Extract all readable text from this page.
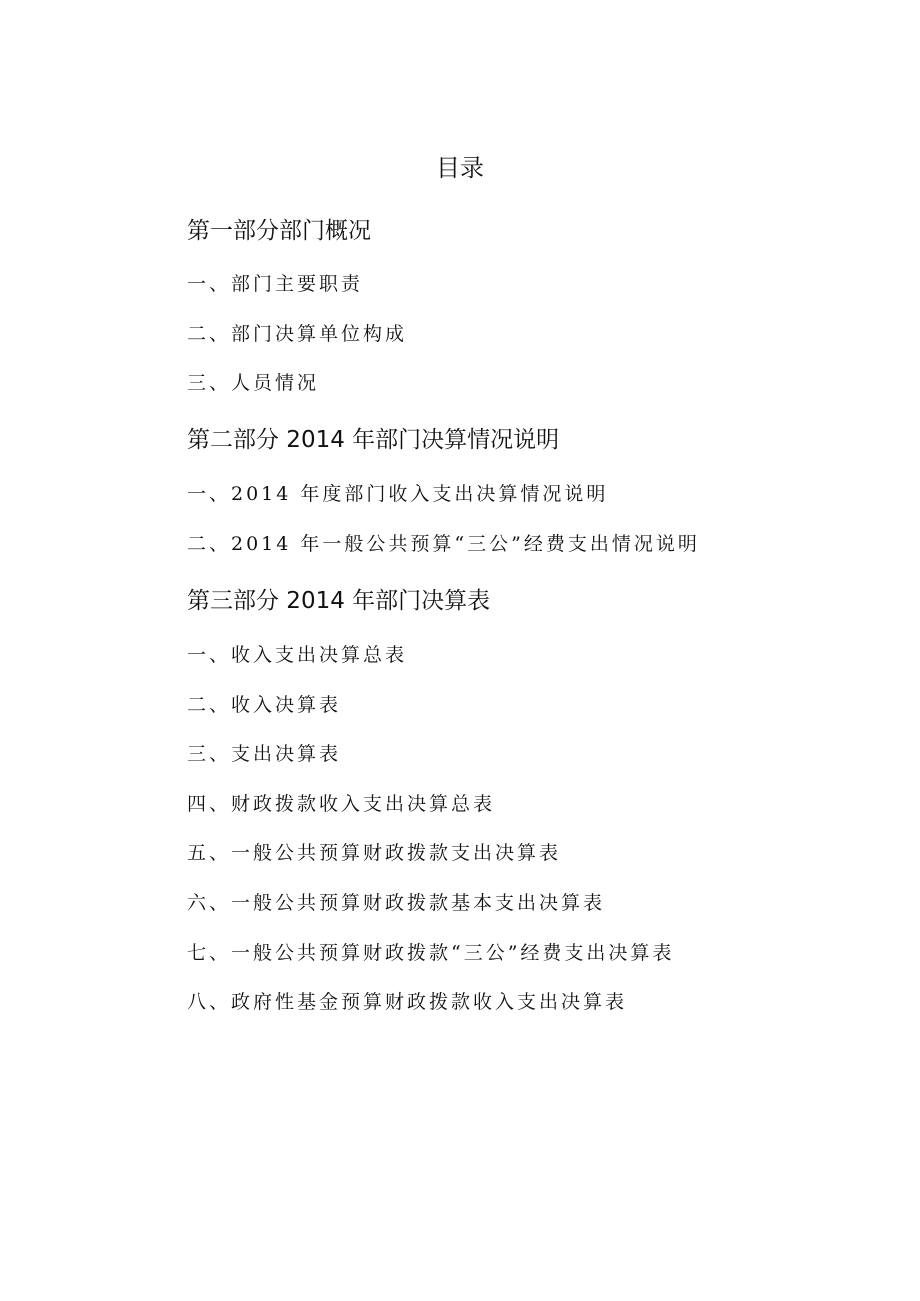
目录
第一部分部门概况
一、部门主要职责
二、部门决算单位构成
三、人员情况
第二部分 2014 年部门决算情况说明
一、2014 年度部门收入支出决算情况说明
二、2014 年一般公共预算“三公”经费支出情况说明
第三部分 2014 年部门决算表
一、收入支出决算总表
二、收入决算表
三、支出决算表
四、财政拨款收入支出决算总表
五、一般公共预算财政拨款支出决算表
六、一般公共预算财政拨款基本支出决算表
七、一般公共预算财政拨款“三公”经费支出决算表
八、政府性基金预算财政拨款收入支出决算表
